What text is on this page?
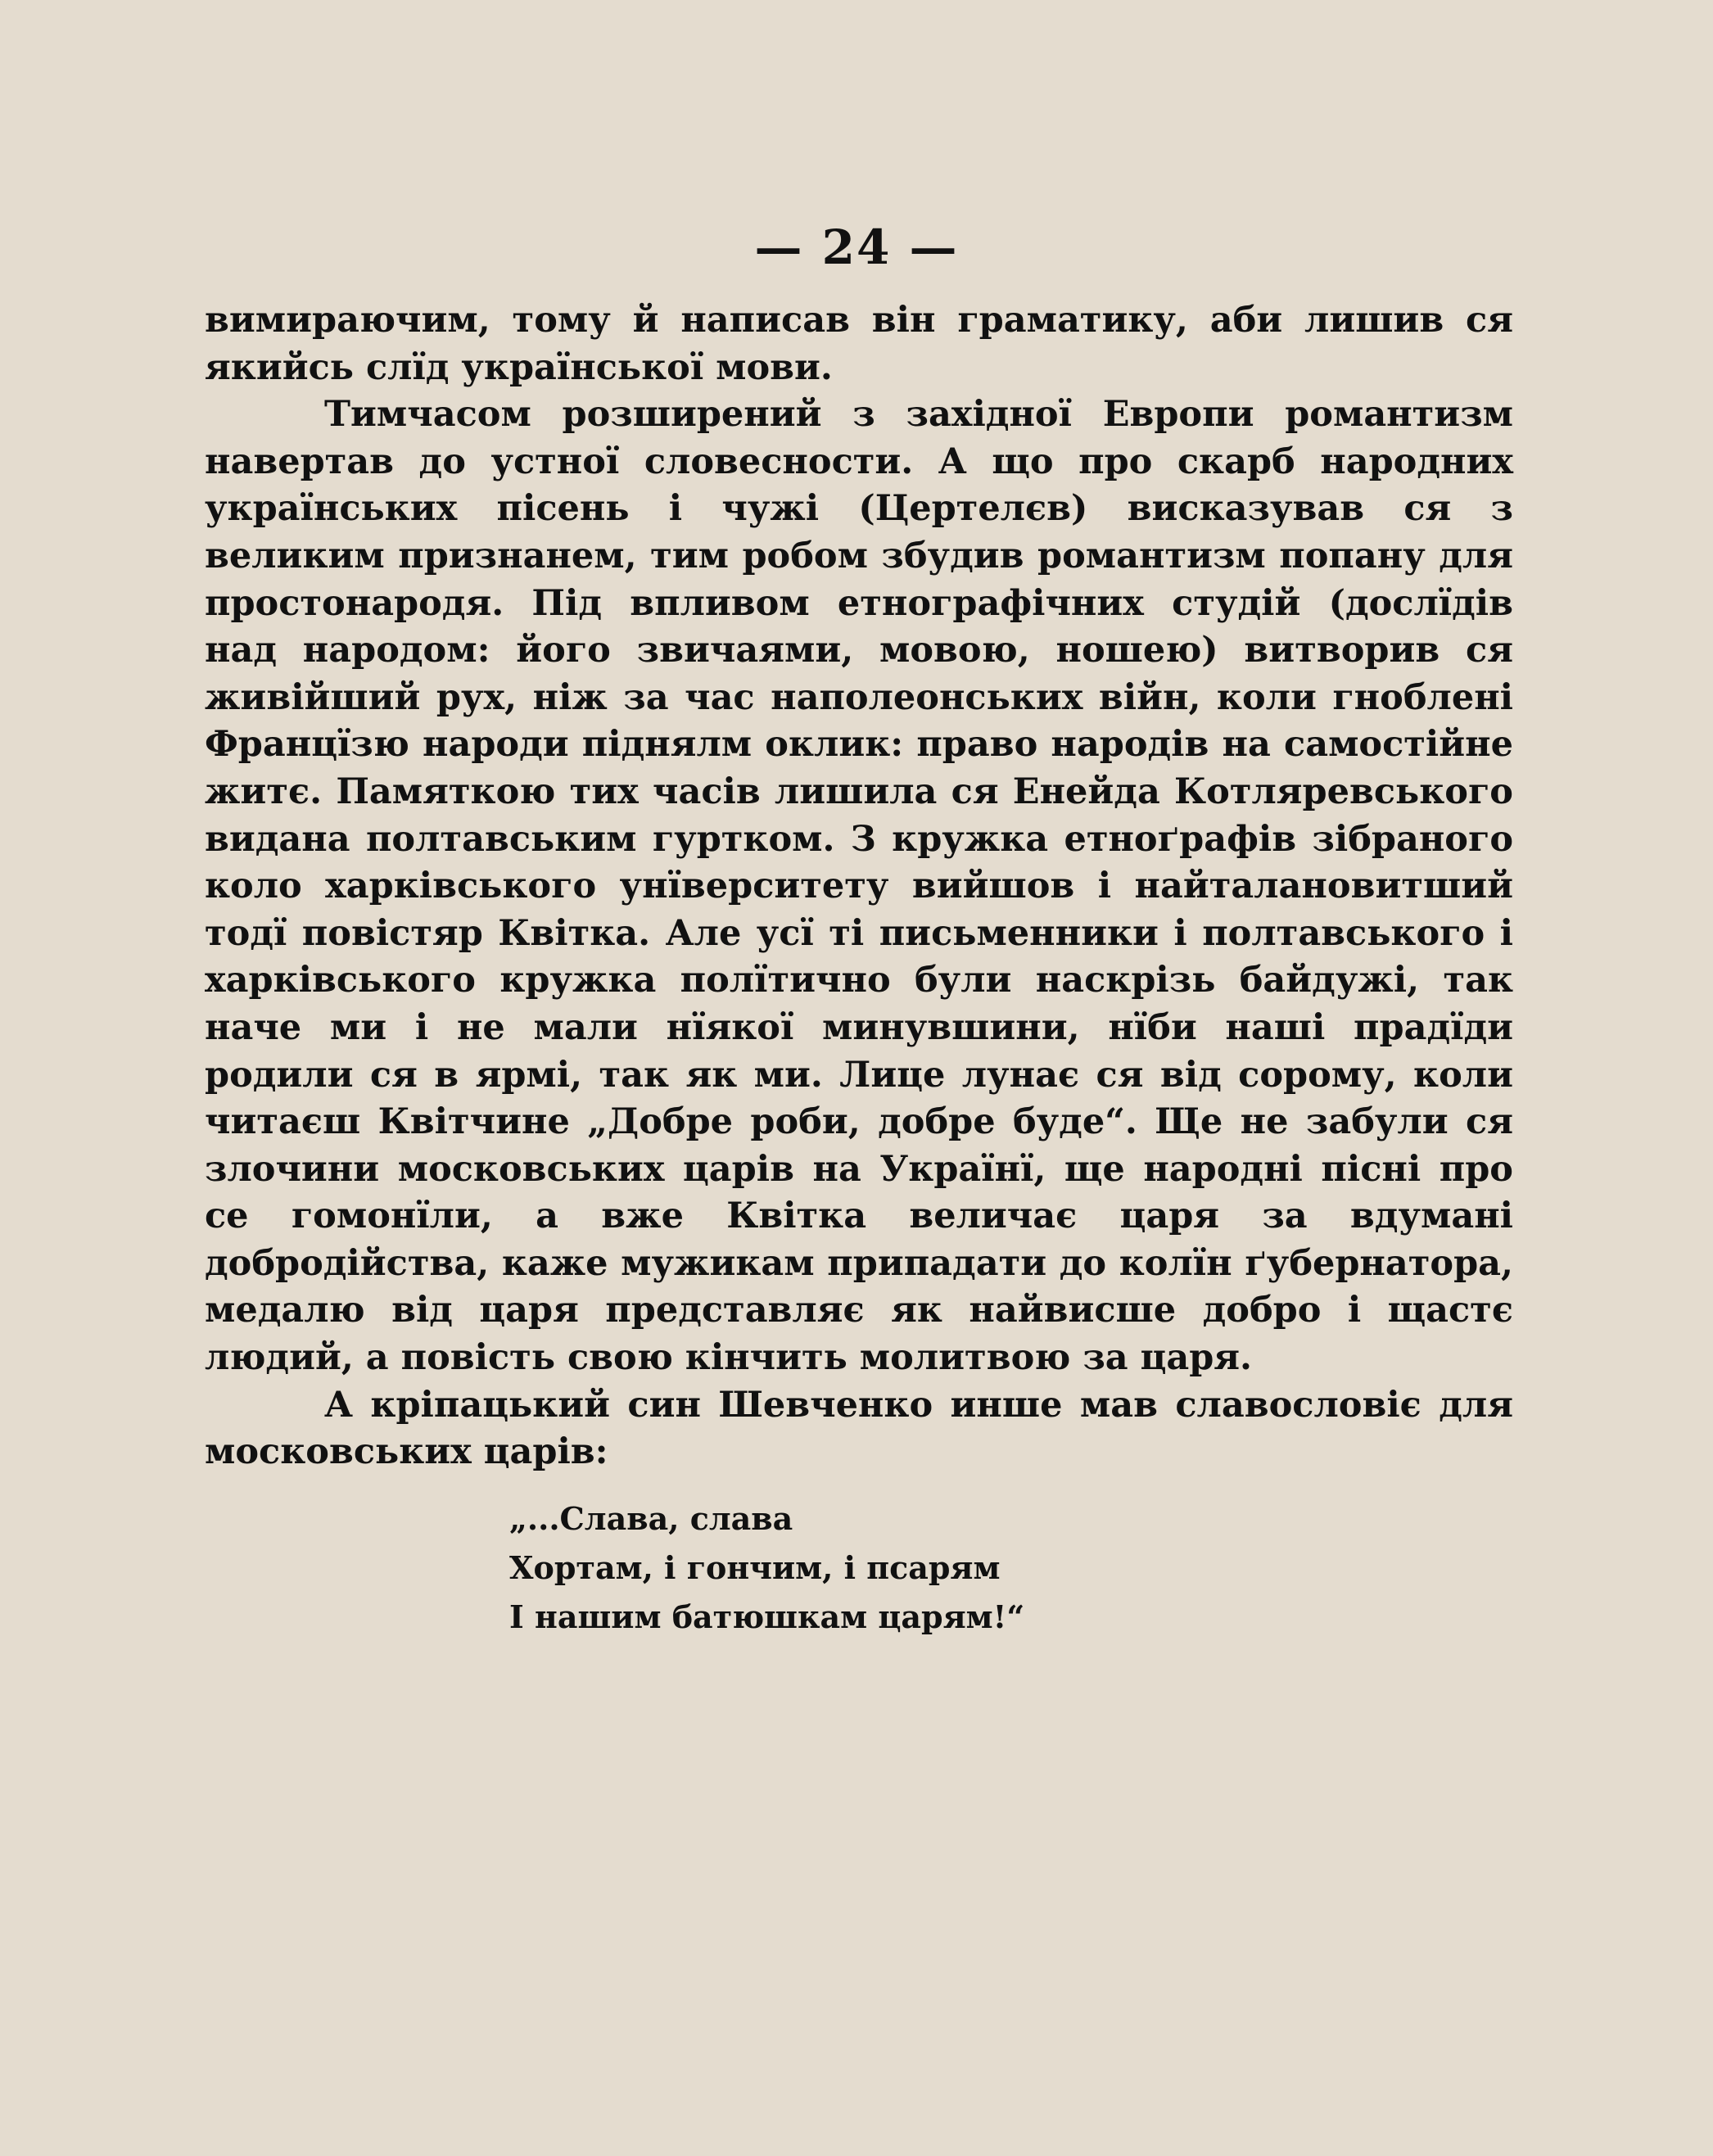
— 24 —

вимираючим, тому й написав він граматику, аби лишив ся якийсь слїд української мови.

Тимчасом розширений з західної Европи романтизм навертав до устної словесности. А що про скарб народних українських пісень і чужі (Цертелєв) висказував ся з великим признанем, тим робом збудив романтизм попану для простонародя. Під впливом етнографічних студій (дослїдів над народом: його звичаями, мовою, ношею) витворив ся живійший рух, ніж за час наполеонських війн, коли гноблені Францїзю народи піднялм оклик: право народів на самостійне житє. Памяткою тих часів лишила ся Енейда Котляревського видана полтавським гуртком. З кружка етноґрафів зібраного коло харківського унїверситету вийшов і найталановитший тодї повістяр Квітка. Але усї ті письменники і полтавського і харківського кружка полїтично були наскрізь байдужі, так наче ми і не мали нїякої минувшини, нїби наші прадїди родили ся в ярмі, так як ми. Лице лунає ся від сорому, коли читаєш Квітчине „Добре роби, добре буде“. Ще не забули ся злочини московських царів на Українї, ще народні пісні про се гомонїли, а вже Квітка величає царя за вдумані добродійства, каже мужикам припадати до колїн ґубернатора, медалю від царя представляє як найвисше добро і щастє людий, а повість свою кінчить молитвою за царя.

А кріпацький син Шевченко инше мав славословіє для московських царів:

„...Слава, слава
Хортам, і гончим, і псарям
І нашим батюшкам царям!“
